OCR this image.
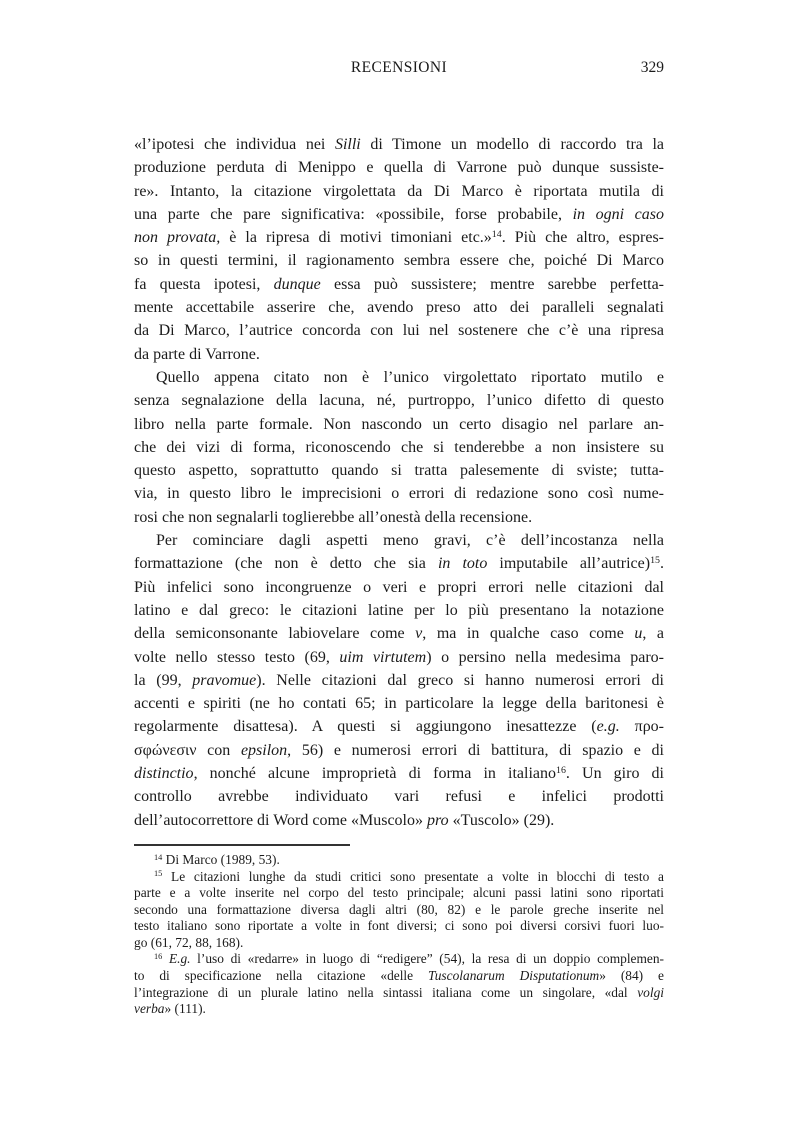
RECENSIONI	329
«l’ipotesi che individua nei Silli di Timone un modello di raccordo tra la
produzione perduta di Menippo e quella di Varrone può dunque sussiste-
re». Intanto, la citazione virgolettata da Di Marco è riportata mutila di
una parte che pare significativa: «possibile, forse probabile, in ogni caso
non provata, è la ripresa di motivi timoniani etc.»$^{14}$. Più che altro, espres-
so in questi termini, il ragionamento sembra essere che, poiché Di Marco
fa questa ipotesi, dunque essa può sussistere; mentre sarebbe perfetta-
mente accettabile asserire che, avendo preso atto dei paralleli segnalati
da Di Marco, l’autrice concorda con lui nel sostenere che c’è una ripresa
da parte di Varrone.
Quello appena citato non è l’unico virgolettato riportato mutilo e
senza segnalazione della lacuna, né, purtroppo, l’unico difetto di questo
libro nella parte formale. Non nascondo un certo disagio nel parlare an-
che dei vizi di forma, riconoscendo che si tenderebbe a non insistere su
questo aspetto, soprattutto quando si tratta palesemente di sviste; tutta-
via, in questo libro le imprecisioni o errori di redazione sono così nume-
rosi che non segnalarli toglierebbe all’onestà della recensione.
Per cominciare dagli aspetti meno gravi, c’è dell’incostanza nella
formattazione (che non è detto che sia in toto imputabile all’autrice)$^{15}$.
Più infelici sono incongruenze o veri e propri errori nelle citazioni dal
latino e dal greco: le citazioni latine per lo più presentano la notazione
della semiconsonante labiovelare come v, ma in qualche caso come u, a
volte nello stesso testo (69, uim virtutem) o persino nella medesima paro-
la (99, pravomue). Nelle citazioni dal greco si hanno numerosi errori di
accenti e spiriti (ne ho contati 65; in particolare la legge della baritonesi è
regolarmente disattesa). A questi si aggiungono inesattezze (e.g. προ-
σφώνεσιν con epsilon, 56) e numerosi errori di battitura, di spazio e di
distinctio, nonché alcune improprietà di forma in italiano$^{16}$. Un giro di
controllo avrebbe individuato vari refusi e infelici prodotti
dell’autocorrettore di Word come «Muscolo» pro «Tuscolo» (29).
$^{14}$ Di Marco (1989, 53).
$^{15}$ Le citazioni lunghe da studi critici sono presentate a volte in blocchi di testo a
parte e a volte inserite nel corpo del testo principale; alcuni passi latini sono riportati
secondo una formattazione diversa dagli altri (80, 82) e le parole greche inserite nel
testo italiano sono riportate a volte in font diversi; ci sono poi diversi corsivi fuori luo-
go (61, 72, 88, 168).
$^{16}$ E.g. l’uso di «redarre» in luogo di “redigere” (54), la resa di un doppio complemen-
to di specificazione nella citazione «delle Tuscolanarum Disputationum» (84) e
l’integrazione di un plurale latino nella sintassi italiana come un singolare, «dal volgi
verba» (111).
